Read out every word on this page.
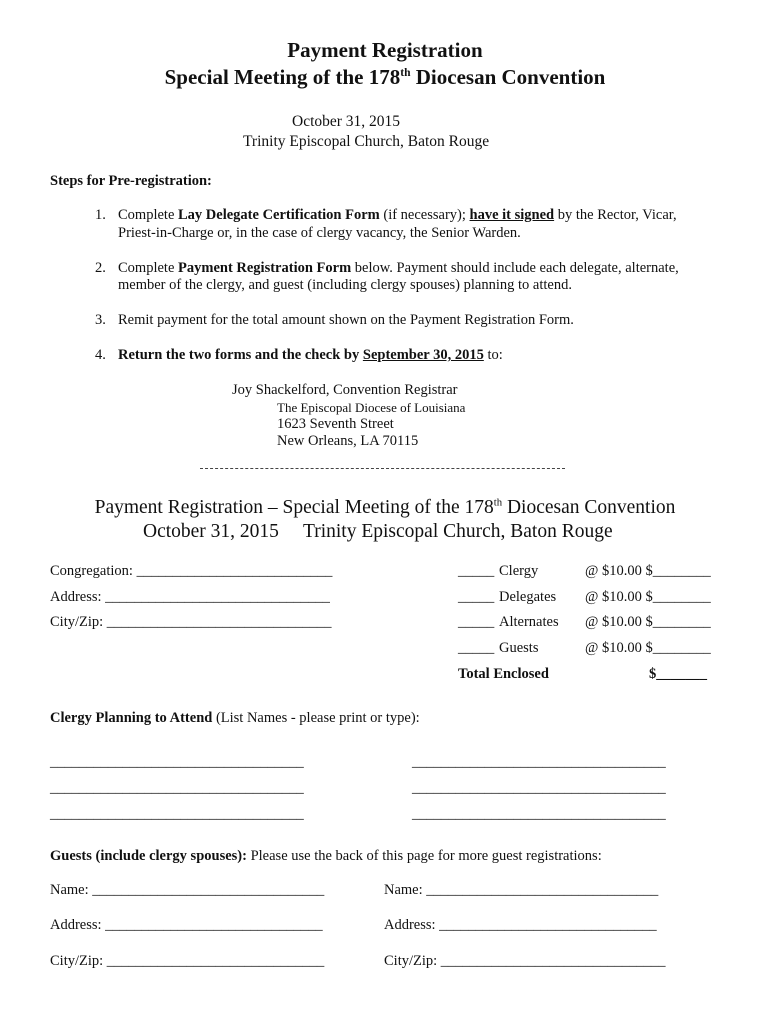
Payment Registration
Special Meeting of the 178th Diocesan Convention
October 31, 2015
Trinity Episcopal Church, Baton Rouge
Steps for Pre-registration:
1. Complete Lay Delegate Certification Form (if necessary); have it signed by the Rector, Vicar,
Priest-in-Charge or, in the case of clergy vacancy, the Senior Warden.
2. Complete Payment Registration Form below. Payment should include each delegate, alternate,
member of the clergy, and guest (including clergy spouses) planning to attend.
3. Remit payment for the total amount shown on the Payment Registration Form.
4. Return the two forms and the check by September 30, 2015 to:
Joy Shackelford, Convention Registrar
The Episcopal Diocese of Louisiana
1623 Seventh Street
New Orleans, LA 70115
Payment Registration – Special Meeting of the 178th Diocesan Convention
October 31, 2015 Trinity Episcopal Church, Baton Rouge
Congregation: ___________________________
Address: _______________________________
City/Zip: _______________________________
_____ Clergy	@ $10.00 $________
_____ Delegates @ $10.00 $________
_____ Alternates @ $10.00 $________
_____ Guests	@ $10.00 $________
Total Enclosed	$_______
Clergy Planning to Attend (List Names - please print or type):
___________________________________	___________________________________
___________________________________	___________________________________
___________________________________	___________________________________
Guests (include clergy spouses): Please use the back of this page for more guest registrations:
Name: ________________________________	Name: ________________________________
Address: ______________________________	Address: ______________________________
City/Zip: ______________________________	City/Zip: _______________________________
